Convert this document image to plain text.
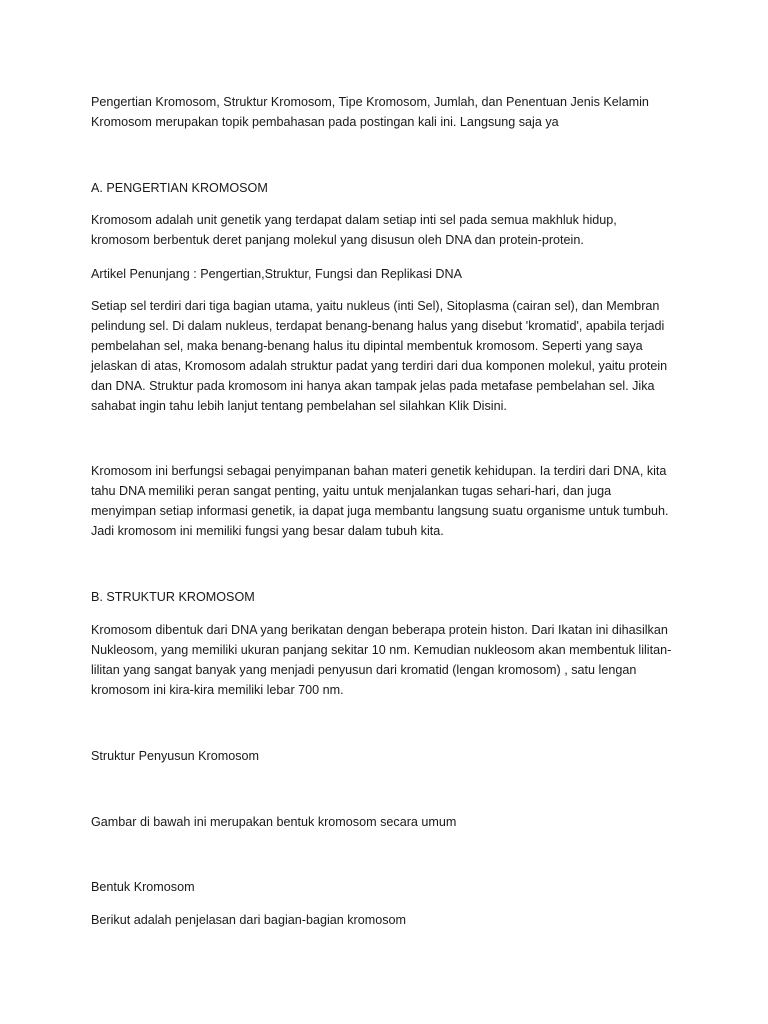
Pengertian Kromosom, Struktur Kromosom, Tipe Kromosom, Jumlah, dan Penentuan Jenis Kelamin
Kromosom merupakan topik pembahasan pada postingan kali ini. Langsung saja ya

A. PENGERTIAN KROMOSOM

Kromosom adalah unit genetik yang terdapat dalam setiap inti sel pada semua makhluk hidup,
kromosom berbentuk deret panjang molekul yang disusun oleh DNA dan protein-protein.

Artikel Penunjang : Pengertian,Struktur, Fungsi dan Replikasi DNA

Setiap sel terdiri dari tiga bagian utama, yaitu nukleus (inti Sel), Sitoplasma (cairan sel), dan Membran
pelindung sel. Di dalam nukleus, terdapat benang-benang halus yang disebut 'kromatid', apabila terjadi
pembelahan sel, maka benang-benang halus itu dipintal membentuk kromosom. Seperti yang saya
jelaskan di atas, Kromosom adalah struktur padat yang terdiri dari dua komponen molekul, yaitu protein
dan DNA. Struktur pada kromosom ini hanya akan tampak jelas pada metafase pembelahan sel. Jika
sahabat ingin tahu lebih lanjut tentang pembelahan sel silahkan Klik Disini.

Kromosom ini berfungsi sebagai penyimpanan bahan materi genetik kehidupan. Ia terdiri dari DNA, kita
tahu DNA memiliki peran sangat penting, yaitu untuk menjalankan tugas sehari-hari, dan juga
menyimpan setiap informasi genetik, ia dapat juga membantu langsung suatu organisme untuk tumbuh.
Jadi kromosom ini memiliki fungsi yang besar dalam tubuh kita.

B. STRUKTUR KROMOSOM

Kromosom dibentuk dari DNA yang berikatan dengan beberapa protein histon. Dari Ikatan ini dihasilkan
Nukleosom, yang memiliki ukuran panjang sekitar 10 nm. Kemudian nukleosom akan membentuk lilitan-
lilitan yang sangat banyak yang menjadi penyusun dari kromatid (lengan kromosom) , satu lengan
kromosom ini kira-kira memiliki lebar 700 nm.

Struktur Penyusun Kromosom

Gambar di bawah ini merupakan bentuk kromosom secara umum

Bentuk Kromosom

Berikut adalah penjelasan dari bagian-bagian kromosom
